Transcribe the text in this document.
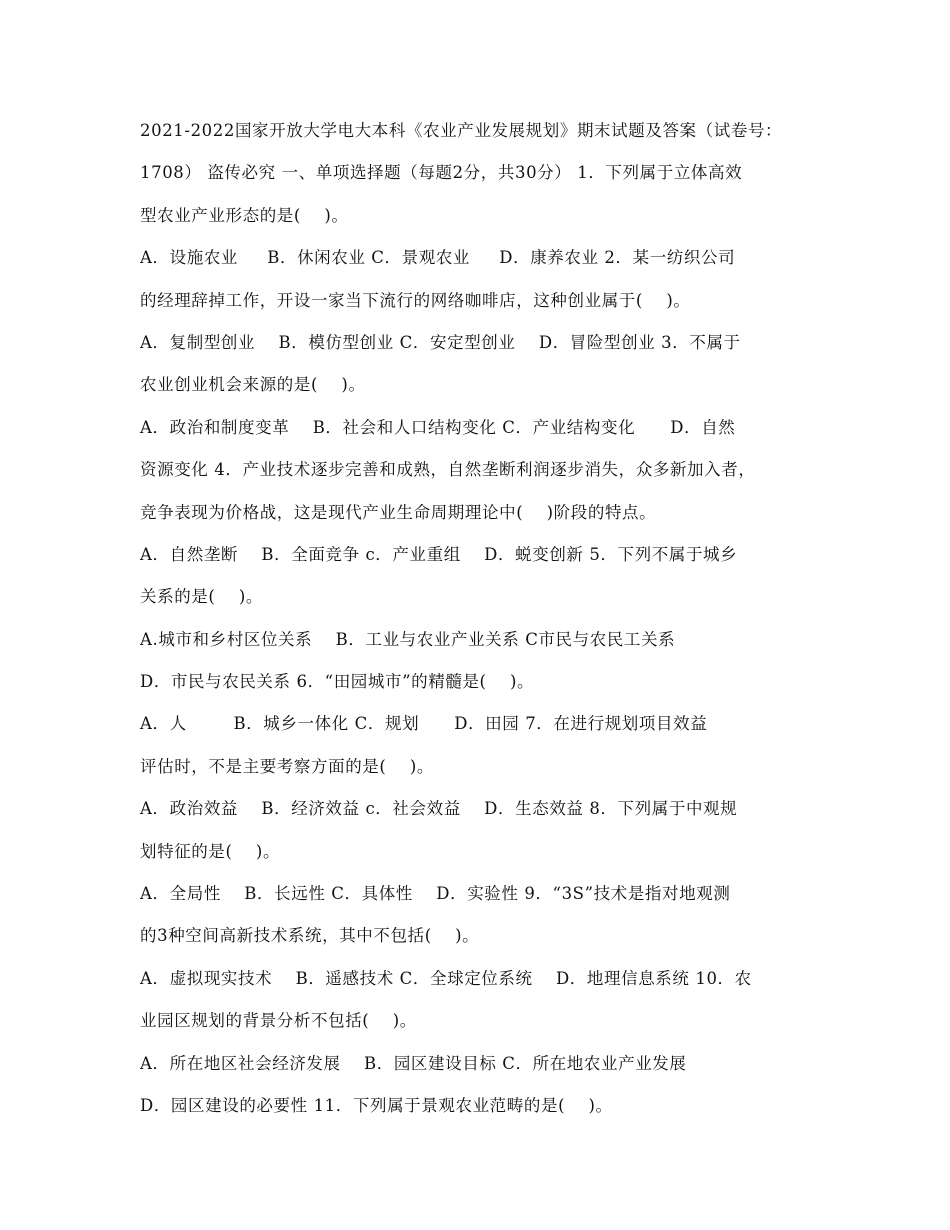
2021-2022国家开放大学电大本科《农业产业发展规划》期末试题及答案（试卷号：
1708） 盗传必究 一、单项选择题（每题2分，共30分） 1．下列属于立体高效
型农业产业形态的是(    )。
A．设施农业     B．休闲农业 C．景观农业     D．康养农业 2．某一纺织公司
的经理辞掉工作，开设一家当下流行的网络咖啡店，这种创业属于(    )。
A．复制型创业    B．模仿型创业 C．安定型创业    D．冒险型创业 3．不属于
农业创业机会来源的是(    )。
A．政治和制度变革    B．社会和人口结构变化 C．产业结构变化      D．自然
资源变化 4．产业技术逐步完善和成熟，自然垄断利润逐步消失，众多新加入者，
竞争表现为价格战，这是现代产业生命周期理论中(    )阶段的特点。
A．自然垄断    B．全面竞争 c．产业重组    D．蜕变创新 5．下列不属于城乡
关系的是(    )。
A.城市和乡村区位关系    B．工业与农业产业关系 C市民与农民工关系
D．市民与农民关系 6．“田园城市”的精髓是(    )。
A．人        B．城乡一体化 C．规划      D．田园 7．在进行规划项目效益
评估时，不是主要考察方面的是(    )。
A．政治效益    B．经济效益 c．社会效益    D．生态效益 8．下列属于中观规
划特征的是(    )。
A．全局性    B．长远性 C．具体性    D．实验性 9．“3S”技术是指对地观测
的3种空间高新技术系统，其中不包括(    )。
A．虚拟现实技术    B．遥感技术 C．全球定位系统    D．地理信息系统 10．农
业园区规划的背景分析不包括(    )。
A．所在地区社会经济发展    B．园区建设目标 C．所在地农业产业发展
D．园区建设的必要性 11．下列属于景观农业范畴的是(    )。
